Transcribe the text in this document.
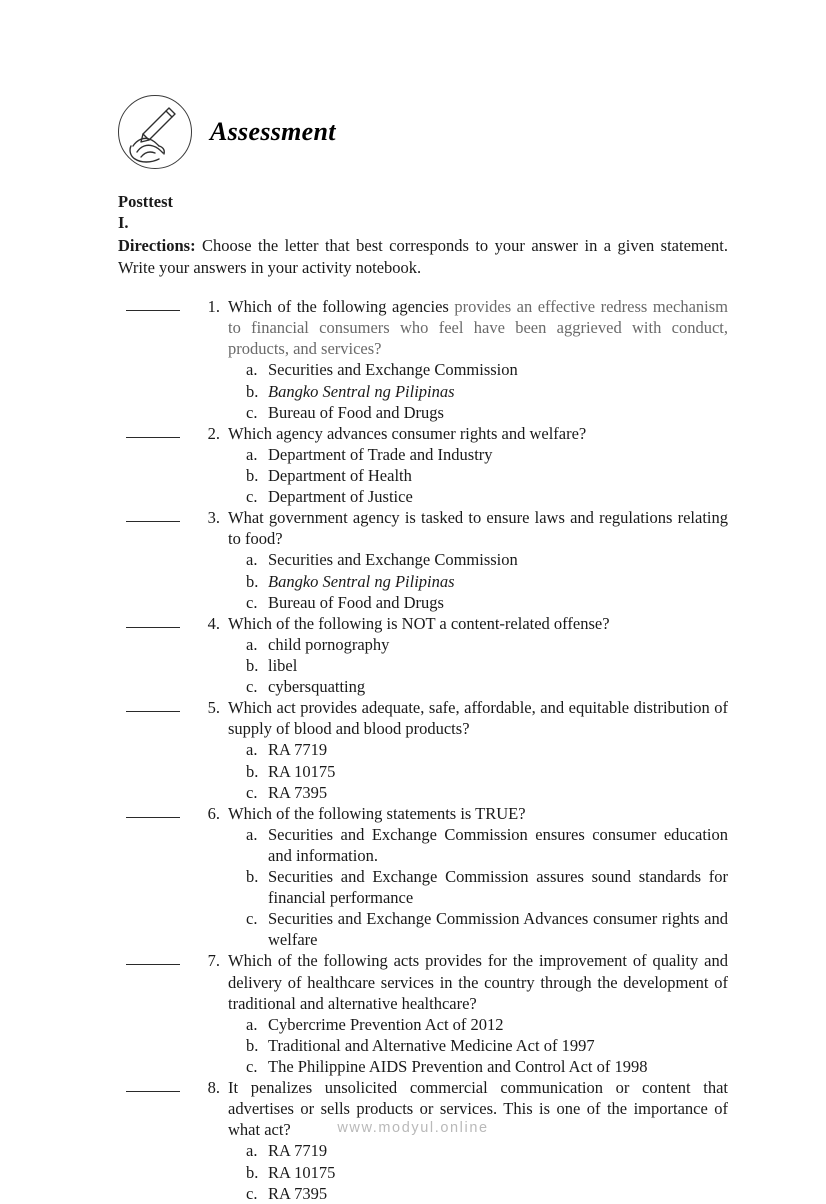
Assessment
Posttest
I.
Directions: Choose the letter that best corresponds to your answer in a given statement. Write your answers in your activity notebook.
1. Which of the following agencies provides an effective redress mechanism to financial consumers who feel have been aggrieved with conduct, products, and services?
a. Securities and Exchange Commission
b. Bangko Sentral ng Pilipinas
c. Bureau of Food and Drugs
2. Which agency advances consumer rights and welfare?
a. Department of Trade and Industry
b. Department of Health
c. Department of Justice
3. What government agency is tasked to ensure laws and regulations relating to food?
a. Securities and Exchange Commission
b. Bangko Sentral ng Pilipinas
c. Bureau of Food and Drugs
4. Which of the following is NOT a content-related offense?
a. child pornography
b. libel
c. cybersquatting
5. Which act provides adequate, safe, affordable, and equitable distribution of supply of blood and blood products?
a. RA 7719
b. RA 10175
c. RA 7395
6. Which of the following statements is TRUE?
a. Securities and Exchange Commission ensures consumer education and information.
b. Securities and Exchange Commission assures sound standards for financial performance
c. Securities and Exchange Commission Advances consumer rights and welfare
7. Which of the following acts provides for the improvement of quality and delivery of healthcare services in the country through the development of traditional and alternative healthcare?
a. Cybercrime Prevention Act of 2012
b. Traditional and Alternative Medicine Act of 1997
c. The Philippine AIDS Prevention and Control Act of 1998
8. It penalizes unsolicited commercial communication or content that advertises or sells products or services. This is one of the importance of what act?
a. RA 7719
b. RA 10175
c. RA 7395
www.modyul.online
